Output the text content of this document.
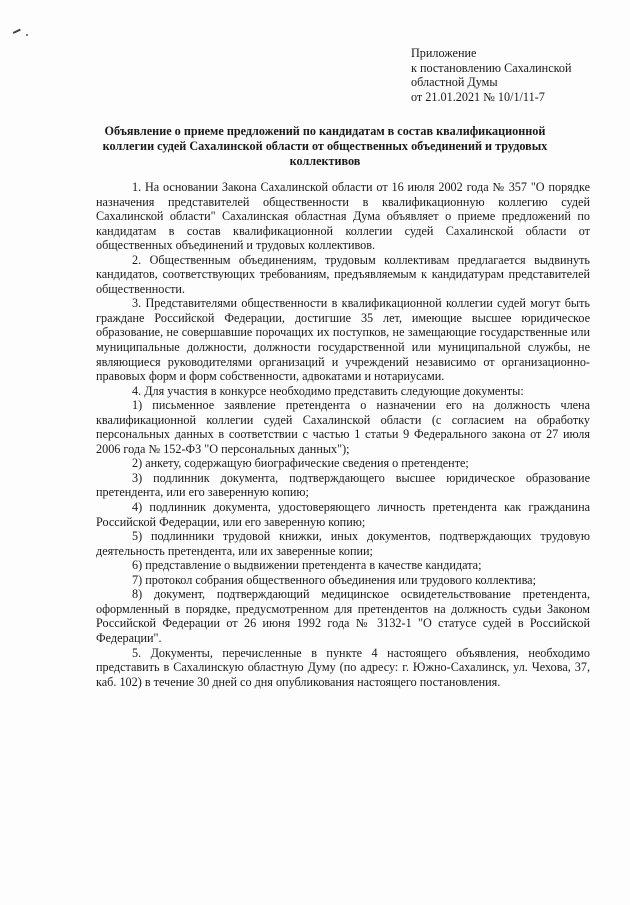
Приложение
к постановлению Сахалинской
областной Думы
от 21.01.2021 № 10/1/11-7
Объявление о приеме предложений по кандидатам в состав квалификационной коллегии судей Сахалинской области от общественных объединений и трудовых коллективов

1. На основании Закона Сахалинской области от 16 июля 2002 года № 357 "О порядке назначения представителей общественности в квалификационную коллегию судей Сахалинской области" Сахалинская областная Дума объявляет о приеме предложений по кандидатам в состав квалификационной коллегии судей Сахалинской области от общественных объединений и трудовых коллективов.

2. Общественным объединениям, трудовым коллективам предлагается выдвинуть кандидатов, соответствующих требованиям, предъявляемым к кандидатурам представителей общественности.

3. Представителями общественности в квалификационной коллегии судей могут быть граждане Российской Федерации, достигшие 35 лет, имеющие высшее юридическое образование, не совершавшие порочащих их поступков, не замещающие государственные или муниципальные должности, должности государственной или муниципальной службы, не являющиеся руководителями организаций и учреждений независимо от организационно-правовых форм и форм собственности, адвокатами и нотариусами.

4. Для участия в конкурсе необходимо представить следующие документы:

1) письменное заявление претендента о назначении его на должность члена квалификационной коллегии судей Сахалинской области (с согласием на обработку персональных данных в соответствии с частью 1 статьи 9 Федерального закона от 27 июля 2006 года № 152-ФЗ "О персональных данных");

2) анкету, содержащую биографические сведения о претенденте;

3) подлинник документа, подтверждающего высшее юридическое образование претендента, или его заверенную копию;

4) подлинник документа, удостоверяющего личность претендента как гражданина Российской Федерации, или его заверенную копию;

5) подлинники трудовой книжки, иных документов, подтверждающих трудовую деятельность претендента, или их заверенные копии;

6) представление о выдвижении претендента в качестве кандидата;

7) протокол собрания общественного объединения или трудового коллектива;

8) документ, подтверждающий медицинское освидетельствование претендента, оформленный в порядке, предусмотренном для претендентов на должность судьи Законом Российской Федерации от 26 июня 1992 года № 3132-1 "О статусе судей в Российской Федерации".

5. Документы, перечисленные в пункте 4 настоящего объявления, необходимо представить в Сахалинскую областную Думу (по адресу: г. Южно-Сахалинск, ул. Чехова, 37, каб. 102) в течение 30 дней со дня опубликования настоящего постановления.
